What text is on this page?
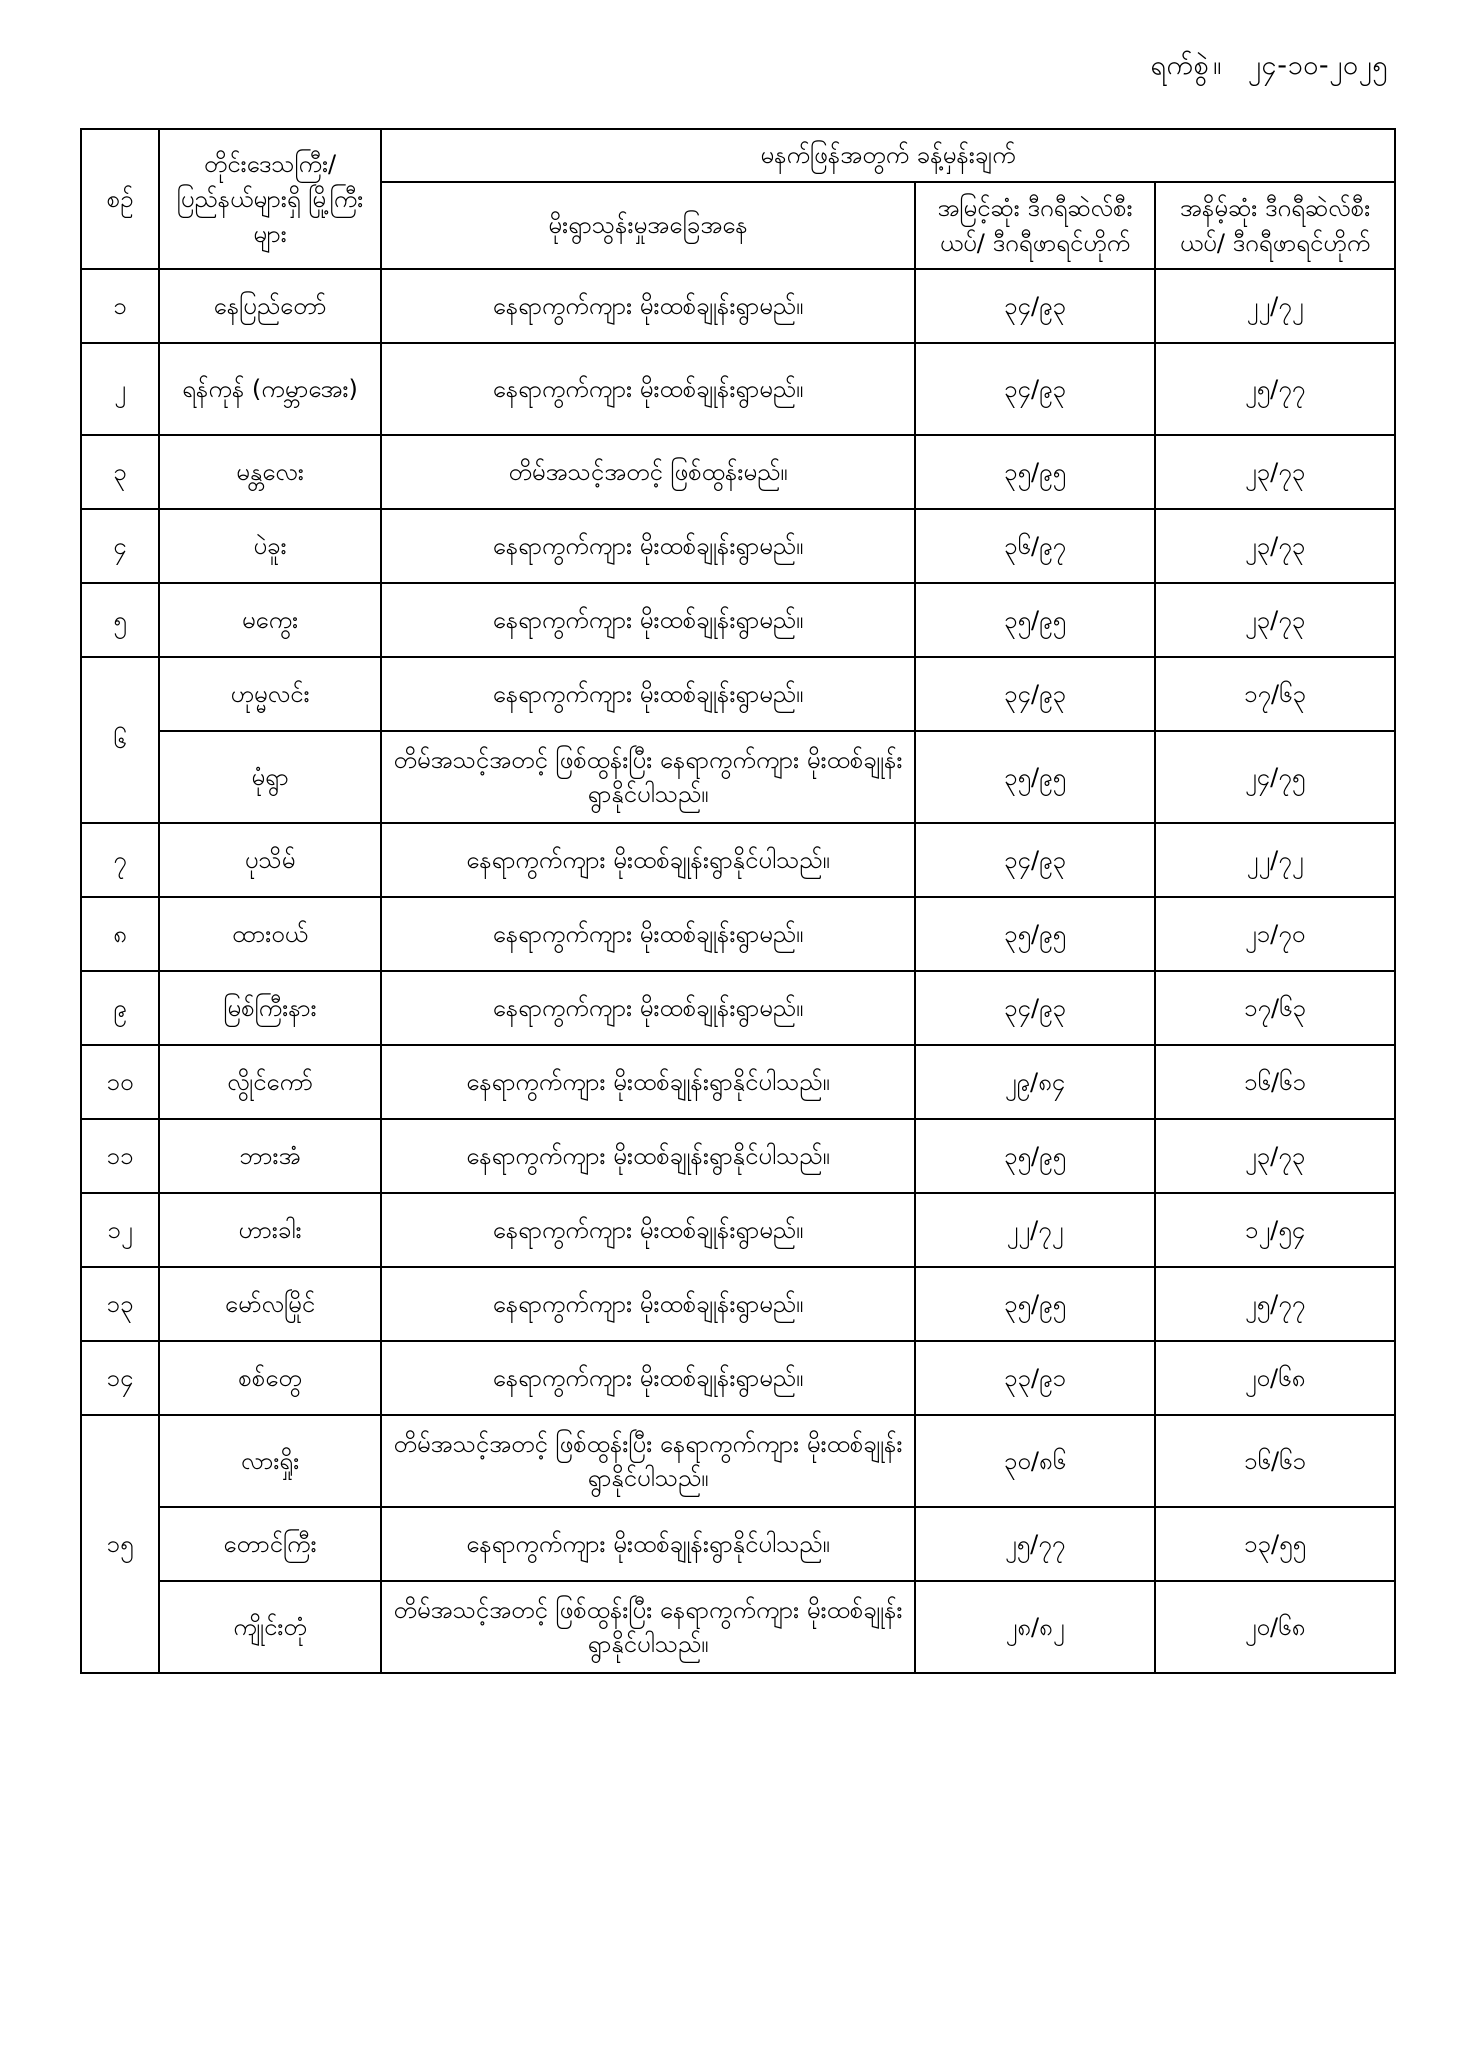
ရက်စွဲ ။ ၂၄-၁၀-၂၀၂၅
စဉ်	တိုင်းဒေသကြီး/ ပြည်နယ်များရှိ မြို့ကြီးများ	မနက်ဖြန်အတွက် ခန့်မှန်းချက်		
		မိုးရွာသွန်းမှုအခြေအနေ	အမြင့်ဆုံး ဒီဂရီဆဲလ်စီးယပ်/ ဒီဂရီဖာရင်ဟိုက်	အနိမ့်ဆုံး ဒီဂရီဆဲလ်စီးယပ်/ ဒီဂရီဖာရင်ဟိုက်
၁	နေပြည်တော်	နေရာကွက်ကျား မိုးထစ်ချုန်းရွာမည်။	၃၄/၉၃	၂၂/၇၂
၂	ရန်ကုန် (ကမ္ဘာအေး)	နေရာကွက်ကျား မိုးထစ်ချုန်းရွာမည်။	၃၄/၉၃	၂၅/၇၇
၃	မန္တလေး	တိမ်အသင့်အတင့် ဖြစ်ထွန်းမည်။	၃၅/၉၅	၂၃/၇၃
၄	ပဲခူး	နေရာကွက်ကျား မိုးထစ်ချုန်းရွာမည်။	၃၆/၉၇	၂၃/၇၃
၅	မကွေး	နေရာကွက်ကျား မိုးထစ်ချုန်းရွာမည်။	၃၅/၉၅	၂၃/၇၃
၆	ဟုမ္မလင်း	နေရာကွက်ကျား မိုးထစ်ချုန်းရွာမည်။	၃၄/၉၃	၁၇/၆၃
	မုံရွာ	တိမ်အသင့်အတင့် ဖြစ်ထွန်းပြီး နေရာကွက်ကျား မိုးထစ်ချုန်းရွာနိုင်ပါသည်။	၃၅/၉၅	၂၄/၇၅
၇	ပုသိမ်	နေရာကွက်ကျား မိုးထစ်ချုန်းရွာနိုင်ပါသည်။	၃၄/၉၃	၂၂/၇၂
၈	ထားဝယ်	နေရာကွက်ကျား မိုးထစ်ချုန်းရွာမည်။	၃၅/၉၅	၂၁/၇၀
၉	မြစ်ကြီးနား	နေရာကွက်ကျား မိုးထစ်ချုန်းရွာမည်။	၃၄/၉၃	၁၇/၆၃
၁၀	လွိုင်ကော်	နေရာကွက်ကျား မိုးထစ်ချုန်းရွာနိုင်ပါသည်။	၂၉/၈၄	၁၆/၆၁
၁၁	ဘားအံ	နေရာကွက်ကျား မိုးထစ်ချုန်းရွာနိုင်ပါသည်။	၃၅/၉၅	၂၃/၇၃
၁၂	ဟားခါး	နေရာကွက်ကျား မိုးထစ်ချုန်းရွာမည်။	၂၂/၇၂	၁၂/၅၄
၁၃	မော်လမြိုင်	နေရာကွက်ကျား မိုးထစ်ချုန်းရွာမည်။	၃၅/၉၅	၂၅/၇၇
၁၄	စစ်တွေ	နေရာကွက်ကျား မိုးထစ်ချုန်းရွာမည်။	၃၃/၉၁	၂၀/၆၈
၁၅	လားရှိုး	တိမ်အသင့်အတင့် ဖြစ်ထွန်းပြီး နေရာကွက်ကျား မိုးထစ်ချုန်းရွာနိုင်ပါသည်။	၃၀/၈၆	၁၆/၆၁
	တောင်ကြီး	နေရာကွက်ကျား မိုးထစ်ချုန်းရွာနိုင်ပါသည်။	၂၅/၇၇	၁၃/၅၅
	ကျိုင်းတုံ	တိမ်အသင့်အတင့် ဖြစ်ထွန်းပြီး နေရာကွက်ကျား မိုးထစ်ချုန်းရွာနိုင်ပါသည်။	၂၈/၈၂	၂၀/၆၈
